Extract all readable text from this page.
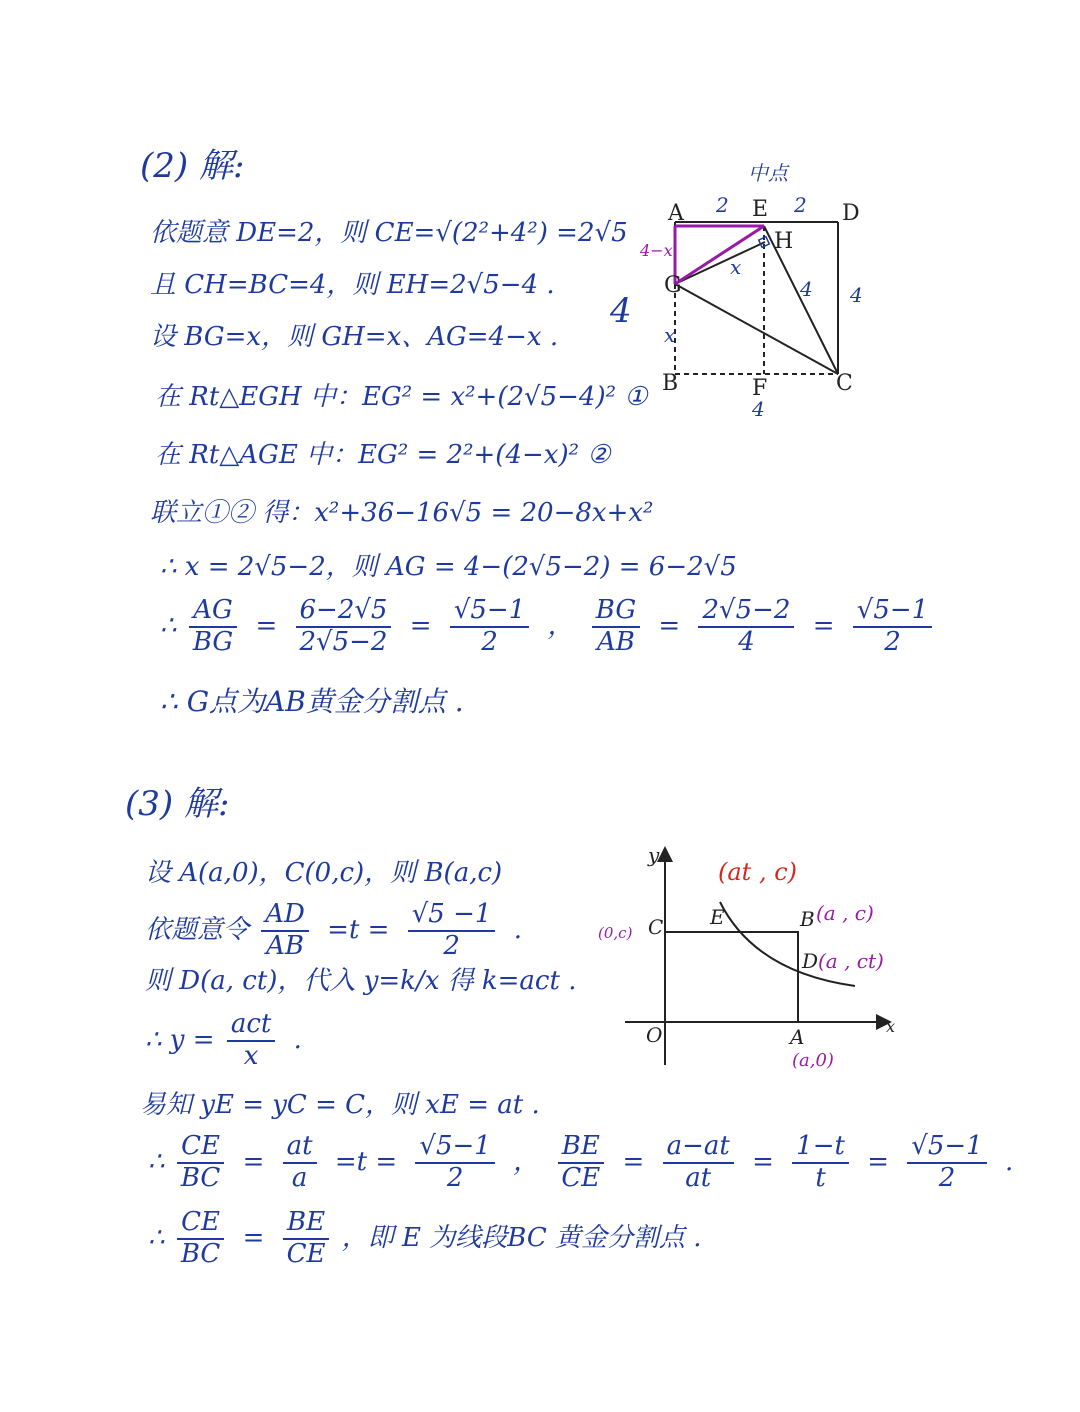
(2) 解:
依题意 DE=2，则 CE=√(2²+4²) =2√5
且 CH=BC=4，则 EH=2√5−4 .
设 BG=x，则 GH=x、AG=4−x .
在 Rt△EGH 中：EG² = x²+(2√5−4)² ①
在 Rt△AGE 中：EG² = 2²+(4−x)² ②
联立①② 得：x²+36−16√5 = 20−8x+x²
∴ x = 2√5−2，则 AG = 4−(2√5−2) = 6−2√5
∴ $\frac{AG}{BG} = \frac{6-2√5}{2√5-2} = \frac{√5-1}{2}$ ， $\frac{BG}{AB} = \frac{2√5-2}{4} = \frac{√5-1}{2}$
∴ G点为AB黄金分割点 .
A	E	D
H
G
B	F	C
中点
2	2
4
4
4
x
x
4
4−x
(3) 解:
设 A(a,0)，C(0,c)，则 B(a,c)
依题意令 $\frac{AD}{AB} =t = \frac{√5 -1}{2}$ .
则 D(a, ct)，代入 y=k/x 得 k=act .
∴ $y = \frac{\text{act}}{x}$ .
易知 yE = yC = C，则 xE = at .
∴ $\frac{CE}{BC} = \frac{at}{a} =t = \frac{√5-1}{2}$ ， $\frac{BE}{CE} = \frac{a-at}{at} = \frac{1-t}{t} = \frac{√5-1}{2}$ .
∴ $\frac{CE}{BC} = \frac{BE}{CE}$ ，即 E 为线段BC 黄金分割点 .
y
x
O
C E	B
D
A
(a , c)
(a , ct)
(0,c)
(a,0)
(at , c)
